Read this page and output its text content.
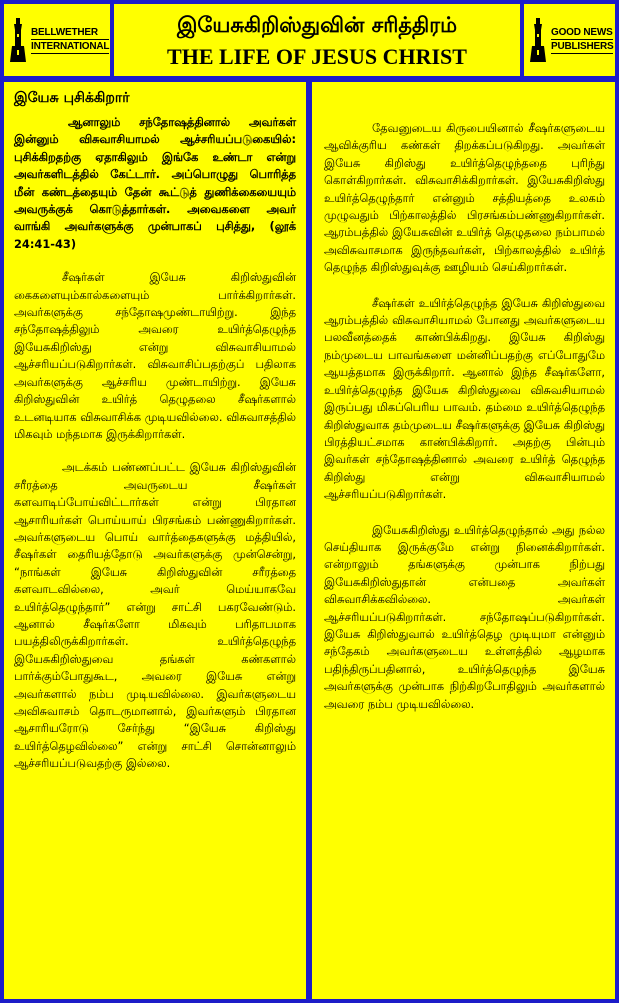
BELLWETHER
INTERNATIONAL
இயேசுகிறிஸ்துவின் சரித்திரம்
THE LIFE OF JESUS CHRIST
GOOD NEWS
PUBLISHERS
இயேசு புசிக்கிறார்
ஆனாலும் சந்தோஷத்தினால் அவர்கள் இன்னும் விசுவாசியாமல் ஆச்சரியப்படுகையில்: புசிக்கிறதற்கு ஏதாகிலும் இங்கே உண்டா என்று அவர்களிடத்தில் கேட்டார். அப்பொழுது பொரித்த மீன் கண்டத்தையும் தேன் கூட்டுத் துணிக்கையையும் அவருக்குக் கொடுத்தார்கள். அவைகளை அவர் வாங்கி அவர்களுக்கு முன்பாகப் புசித்து, (லூக் 24:41-43)

சீஷர்கள் இயேசு கிறிஸ்துவின் கைகளையும்கால்களையும் பார்க்கிறார்கள். அவர்களுக்கு சந்தோஷமுண்டாயிற்று. இந்த சந்தோஷத்திலும் அவரை உயிர்த்தெழுந்த இயேசுகிறிஸ்து என்று விசுவாசியாமல் ஆச்சரியப்படுகிறார்கள். விசுவாசிப்பதற்குப் பதிலாக அவர்களுக்கு ஆச்சரிய முண்டாயிற்று. இயேசு கிறிஸ்துவின் உயிர்த் தெழுதலை சீஷர்களால் உடனடியாக விசுவாசிக்க முடியவில்லை. விசுவாசத்தில் மிகவும் மந்தமாக இருக்கிறார்கள்.

அடக்கம் பண்ணப்பட்ட இயேசு கிறிஸ்துவின் சரீரத்தை அவருடைய சீஷர்கள் களவாடிப்போய்விட்டார்கள் என்று பிரதான ஆசாரியர்கள் பொய்யாய் பிரசங்கம் பண்ணுகிறார்கள். அவர்களுடைய பொய் வார்த்தைகளுக்கு மத்தியில், சீஷர்கள் தைரியத்தோடு அவர்களுக்கு முன்சென்று, “நாங்கள் இயேசு கிறிஸ்துவின் சரீரத்தை களவாடவில்லை, அவர் மெய்யாகவே உயிர்த்தெழுந்தார்” என்று சாட்சி பகரவேண்டும். ஆனால் சீஷர்களோ மிகவும் பரிதாபமாக பயத்திலிருக்கிறார்கள். உயிர்த்தெழுந்த இயேசுகிறிஸ்துவை தங்கள் கண்களால் பார்க்கும்போதுகூட, அவரை இயேசு என்று அவர்களால் நம்ப முடியவில்லை. இவர்களுடைய அவிசுவாசம் தொடருமானால், இவர்களும் பிரதான ஆசாரியரோடு சேர்ந்து “இயேசு கிறிஸ்து உயிர்த்தெழவில்லை” என்று சாட்சி சொன்னாலும் ஆச்சரியப்படுவதற்கு இல்லை.

தேவனுடைய கிருபையினால் சீஷர்களுடைய ஆவிக்குரிய கண்கள் திறக்கப்படுகிறது. அவர்கள் இயேசு கிறிஸ்து உயிர்த்தெழுந்ததை புரிந்து கொள்கிறார்கள். விசுவாசிக்கிறார்கள். இயேசுகிறிஸ்து உயிர்த்தெழுந்தார் என்னும் சத்தியத்தை உலகம் முழுவதும் பிற்காலத்தில் பிரசங்கம்பண்ணுகிறார்கள். ஆரம்பத்தில் இயேசுவின் உயிர்த் தெழுதலை நம்பாமல் அவிசுவாசமாக இருந்தவர்கள், பிற்காலத்தில் உயிர்த் தெழுந்த கிறிஸ்துவுக்கு ஊழியம் செய்கிறார்கள்.

சீஷர்கள் உயிர்த்தெழுந்த இயேசு கிறிஸ்துவை ஆரம்பத்தில் விசுவாசியாமல் போனது அவர்களுடைய பலவீனத்தைக் காண்பிக்கிறது. இயேசு கிறிஸ்து நம்முடைய பாவங்களை மன்னிப்பதற்கு எப்போதுமே ஆயத்தமாக இருக்கிறார். ஆனால் இந்த சீஷர்களோ, உயிர்த்தெழுந்த இயேசு கிறிஸ்துவை விசுவசியாமல் இருப்பது மிகப்பெரிய பாவம். தம்மை உயிர்த்தெழுந்த கிறிஸ்துவாக தம்முடைய சீஷர்களுக்கு இயேசு கிறிஸ்து பிரத்தியட்சமாக காண்பிக்கிறார். அதற்கு பின்பும் இவர்கள் சந்தோஷத்தினால் அவரை உயிர்த் தெழுந்த கிறிஸ்து என்று விசுவாசியாமல் ஆச்சரியப்படுகிறார்கள்.

இயேசுகிறிஸ்து உயிர்த்தெழுந்தால் அது நல்ல செய்தியாக இருக்குமே என்று நினைக்கிறார்கள். என்றாலும் தங்களுக்கு முன்பாக நிற்பது இயேசுகிறிஸ்துதான் என்பதை அவர்கள் விசுவாசிக்கவில்லை. அவர்கள் ஆச்சரியப்படுகிறார்கள். சந்தோஷப்படுகிறார்கள். இயேசு கிறிஸ்துவால் உயிர்த்தெழ முடியுமா என்னும் சந்தேகம் அவர்களுடைய உள்ளத்தில் ஆழமாக பதிந்திருப்பதினால், உயிர்த்தெழுந்த இயேசு அவர்களுக்கு முன்பாக நிற்கிறபோதிலும் அவர்களால் அவரை நம்ப முடியவில்லை.
